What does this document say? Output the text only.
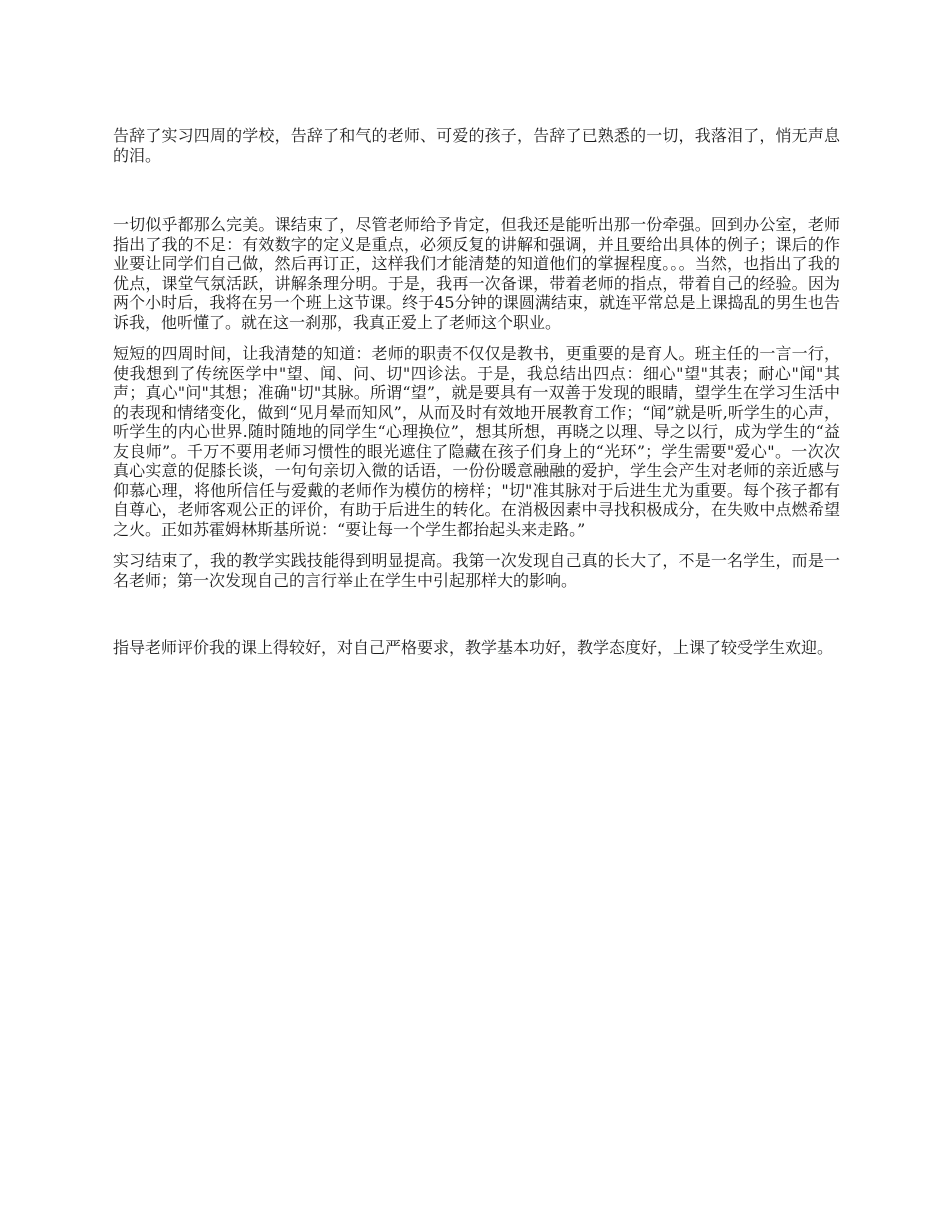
告辞了实习四周的学校，告辞了和气的老师、可爱的孩子，告辞了已熟悉的一切，我落泪了，悄无声息的泪。

一切似乎都那么完美。课结束了，尽管老师给予肯定，但我还是能听出那一份牵强。回到办公室，老师指出了我的不足：有效数字的定义是重点，必须反复的讲解和强调，并且要给出具体的例子；课后的作业要让同学们自己做，然后再订正，这样我们才能清楚的知道他们的掌握程度。。。当然，也指出了我的优点，课堂气氛活跃，讲解条理分明。于是，我再一次备课，带着老师的指点，带着自己的经验。因为两个小时后，我将在另一个班上这节课。终于45分钟的课圆满结束，就连平常总是上课捣乱的男生也告诉我，他听懂了。就在这一刹那，我真正爱上了老师这个职业。

短短的四周时间，让我清楚的知道：老师的职责不仅仅是教书，更重要的是育人。班主任的一言一行，使我想到了传统医学中"望、闻、问、切"四诊法。于是，我总结出四点：细心"望"其表；耐心"闻"其声；真心"问"其想；准确"切"其脉。所谓“望”，就是要具有一双善于发现的眼睛，望学生在学习生活中的表现和情绪变化，做到“见月晕而知风”，从而及时有效地开展教育工作；“闻”就是听,听学生的心声，听学生的内心世界.随时随地的同学生“心理换位”，想其所想，再晓之以理、导之以行，成为学生的“益友良师”。千万不要用老师习惯性的眼光遮住了隐藏在孩子们身上的“光环”；学生需要"爱心"。一次次真心实意的促膝长谈，一句句亲切入微的话语，一份份暖意融融的爱护，学生会产生对老师的亲近感与仰慕心理，将他所信任与爱戴的老师作为模仿的榜样；"切"准其脉对于后进生尤为重要。每个孩子都有自尊心，老师客观公正的评价，有助于后进生的转化。在消极因素中寻找积极成分，在失败中点燃希望之火。正如苏霍姆林斯基所说：“要让每一个学生都抬起头来走路。”

实习结束了，我的教学实践技能得到明显提高。我第一次发现自己真的长大了，不是一名学生，而是一名老师；第一次发现自己的言行举止在学生中引起那样大的影响。

指导老师评价我的课上得较好，对自己严格要求，教学基本功好，教学态度好，上课了较受学生欢迎。
